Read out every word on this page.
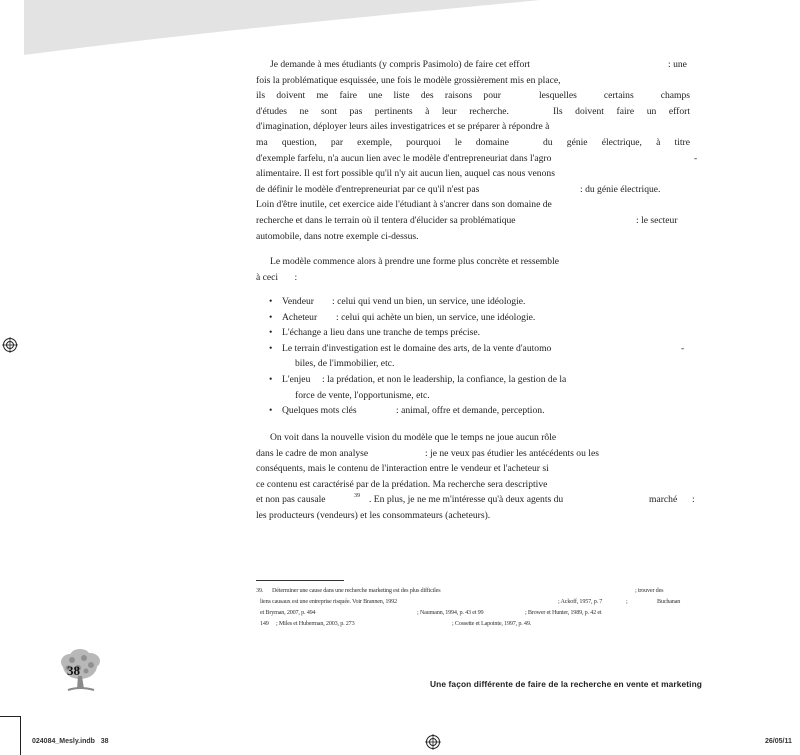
Je demande à mes étudiants (y compris Pasimolo) de faire cet effort	: une
fois la problématique esquissée, une fois le modèle grossièrement mis en place,
ils doivent me faire une liste des raisons pour	lesquelles	certains	champs
d'études ne sont pas pertinents à leur recherche.	Ils doivent faire un effort
d'imagination, déployer leurs ailes investigatrices et se préparer à répondre à
ma question, par exemple, pourquoi le domaine	du génie électrique, à titre
d'exemple farfelu, n'a aucun lien avec le modèle d'entrepreneuriat dans l'agro	-
alimentaire. Il est fort possible qu'il n'y ait aucun lien, auquel cas nous venons
de définir le modèle d'entrepreneuriat par ce qu'il n'est pas	: du génie électrique.
Loin d'être inutile, cet exercice aide l'étudiant à s'ancrer dans son domaine de
recherche et dans le terrain où il tentera d'élucider sa problématique	: le secteur
automobile, dans notre exemple ci-dessus.
Le modèle commence alors à prendre une forme plus concrète et ressemble
à ceci :
• Vendeur : celui qui vend un bien, un service, une idéologie.
• Acheteur : celui qui achète un bien, un service, une idéologie.
• L'échange a lieu dans une tranche de temps précise.
• Le terrain d'investigation est le domaine des arts, de la vente d'automo	-
biles, de l'immobilier, etc.
• L'enjeu : la prédation, et non le leadership, la confiance, la gestion de la
force de vente, l'opportunisme, etc.
• Quelques mots clés	: animal, offre et demande, perception.
On voit dans la nouvelle vision du modèle que le temps ne joue aucun rôle
dans le cadre de mon analyse	: je ne veux pas étudier les antécédents ou les
conséquents, mais le contenu de l'interaction entre le vendeur et l'acheteur si
ce contenu est caractérisé par de la prédation. Ma recherche sera descriptive
et non pas causale	39 . En plus, je ne me m'intéresse qu'à deux agents du	marché :
les producteurs (vendeurs) et les consommateurs (acheteurs).
39. Déterminer une cause dans une recherche marketing est des plus difficiles	; trouver des
liens causaux est une entreprise risquée. Voir Brannen, 1992	; Ackoff, 1957, p. 7	;	Buchanan
et Bryman, 2007, p. 494	; Naumann, 1994, p. 43 et 99	; Brower et Hunter, 1989, p. 42 et
149 ; Miles et Huberman, 2003, p. 273	; Cossette et Lapointe, 1997, p. 49.
38
Une façon différente de faire de la recherche en vente et marketing
024084_Mesly.indb   38	26/05/11
